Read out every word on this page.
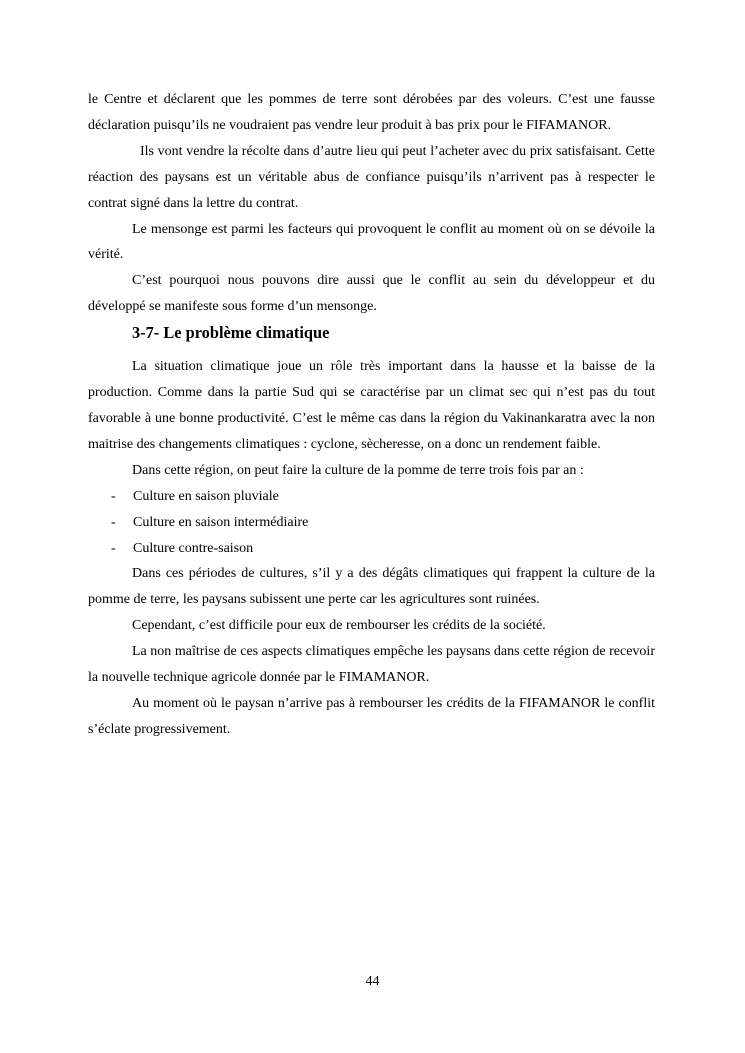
le Centre et déclarent que les pommes de terre sont dérobées par des voleurs. C’est une fausse déclaration puisqu’ils ne voudraient pas vendre leur produit à bas prix pour le FIFAMANOR.

Ils vont vendre la récolte dans d’autre lieu qui peut l’acheter avec du prix satisfaisant. Cette réaction des paysans est un véritable abus de confiance puisqu’ils n’arrivent pas à respecter le contrat signé dans la lettre du contrat.

Le mensonge est parmi les facteurs qui provoquent le conflit au moment où on se dévoile la vérité.

C’est pourquoi nous pouvons dire aussi que le conflit au sein du développeur et du développé se manifeste sous forme d’un mensonge.

3-7- Le problème climatique

La situation climatique joue un rôle très important dans la hausse et la baisse de la production. Comme dans la partie Sud qui se caractérise par un climat sec qui n’est pas du tout favorable à une bonne productivité. C’est le même cas dans la région du Vakinankaratra avec la non maitrise des changements climatiques : cyclone, sècheresse, on a donc un rendement faible.

Dans cette région, on peut faire la culture de la pomme de terre trois fois par an :

- Culture en saison pluviale
- Culture en saison intermédiaire
- Culture contre-saison

Dans ces périodes de cultures, s’il y a des dégâts climatiques qui frappent la culture de la pomme de terre, les paysans subissent une perte car les agricultures sont ruinées.

Cependant, c’est difficile pour eux de rembourser les crédits de la société.

La non maîtrise de ces aspects climatiques empêche les paysans dans cette région de recevoir la nouvelle technique agricole donnée par le FIMAMANOR.

Au moment où le paysan n’arrive pas à rembourser les crédits de la FIFAMANOR le conflit s’éclate progressivement.

44
